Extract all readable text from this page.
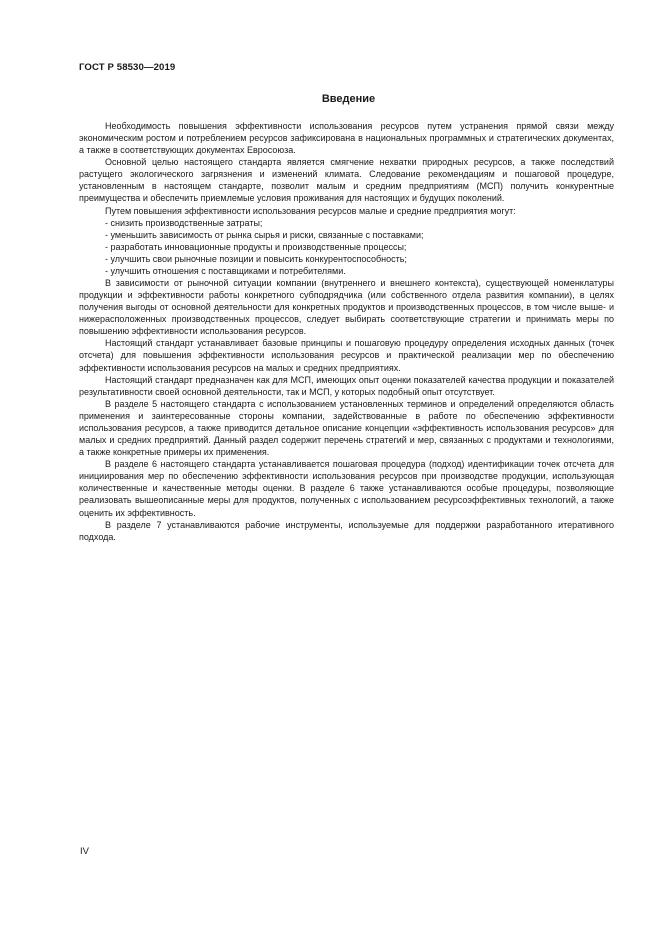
ГОСТ Р 58530—2019
Введение

Необходимость повышения эффективности использования ресурсов путем устранения прямой связи между экономическим ростом и потреблением ресурсов зафиксирована в национальных программных и стратегических документах, а также в соответствующих документах Евросоюза.

Основной целью настоящего стандарта является смягчение нехватки природных ресурсов, а также последствий растущего экологического загрязнения и изменений климата. Следование рекомендациям и пошаговой процедуре, установленным в настоящем стандарте, позволит малым и средним предприятиям (МСП) получить конкурентные преимущества и обеспечить приемлемые условия проживания для настоящих и будущих поколений.

Путем повышения эффективности использования ресурсов малые и средние предприятия могут:

- снизить производственные затраты;

- уменьшить зависимость от рынка сырья и риски, связанные с поставками;

- разработать инновационные продукты и производственные процессы;

- улучшить свои рыночные позиции и повысить конкурентоспособность;

- улучшить отношения с поставщиками и потребителями.

В зависимости от рыночной ситуации компании (внутреннего и внешнего контекста), существующей номенклатуры продукции и эффективности работы конкретного субподрядчика (или собственного отдела развития компании), в целях получения выгоды от основной деятельности для конкретных продуктов и производственных процессов, в том числе выше- и нижерасположенных производственных процессов, следует выбирать соответствующие стратегии и принимать меры по повышению эффективности использования ресурсов.

Настоящий стандарт устанавливает базовые принципы и пошаговую процедуру определения исходных данных (точек отсчета) для повышения эффективности использования ресурсов и практической реализации мер по обеспечению эффективности использования ресурсов на малых и средних предприятиях.

Настоящий стандарт предназначен как для МСП, имеющих опыт оценки показателей качества продукции и показателей результативности своей основной деятельности, так и МСП, у которых подобный опыт отсутствует.

В разделе 5 настоящего стандарта с использованием установленных терминов и определений определяются область применения и заинтересованные стороны компании, задействованные в работе по обеспечению эффективности использования ресурсов, а также приводится детальное описание концепции «эффективность использования ресурсов» для малых и средних предприятий. Данный раздел содержит перечень стратегий и мер, связанных с продуктами и технологиями, а также конкретные примеры их применения.

В разделе 6 настоящего стандарта устанавливается пошаговая процедура (подход) идентификации точек отсчета для инициирования мер по обеспечению эффективности использования ресурсов при производстве продукции, использующая количественные и качественные методы оценки. В разделе 6 также устанавливаются особые процедуры, позволяющие реализовать вышеописанные меры для продуктов, полученных с использованием ресурсоэффективных технологий, а также оценить их эффективность.

В разделе 7 устанавливаются рабочие инструменты, используемые для поддержки разработанного итеративного подхода.

IV
